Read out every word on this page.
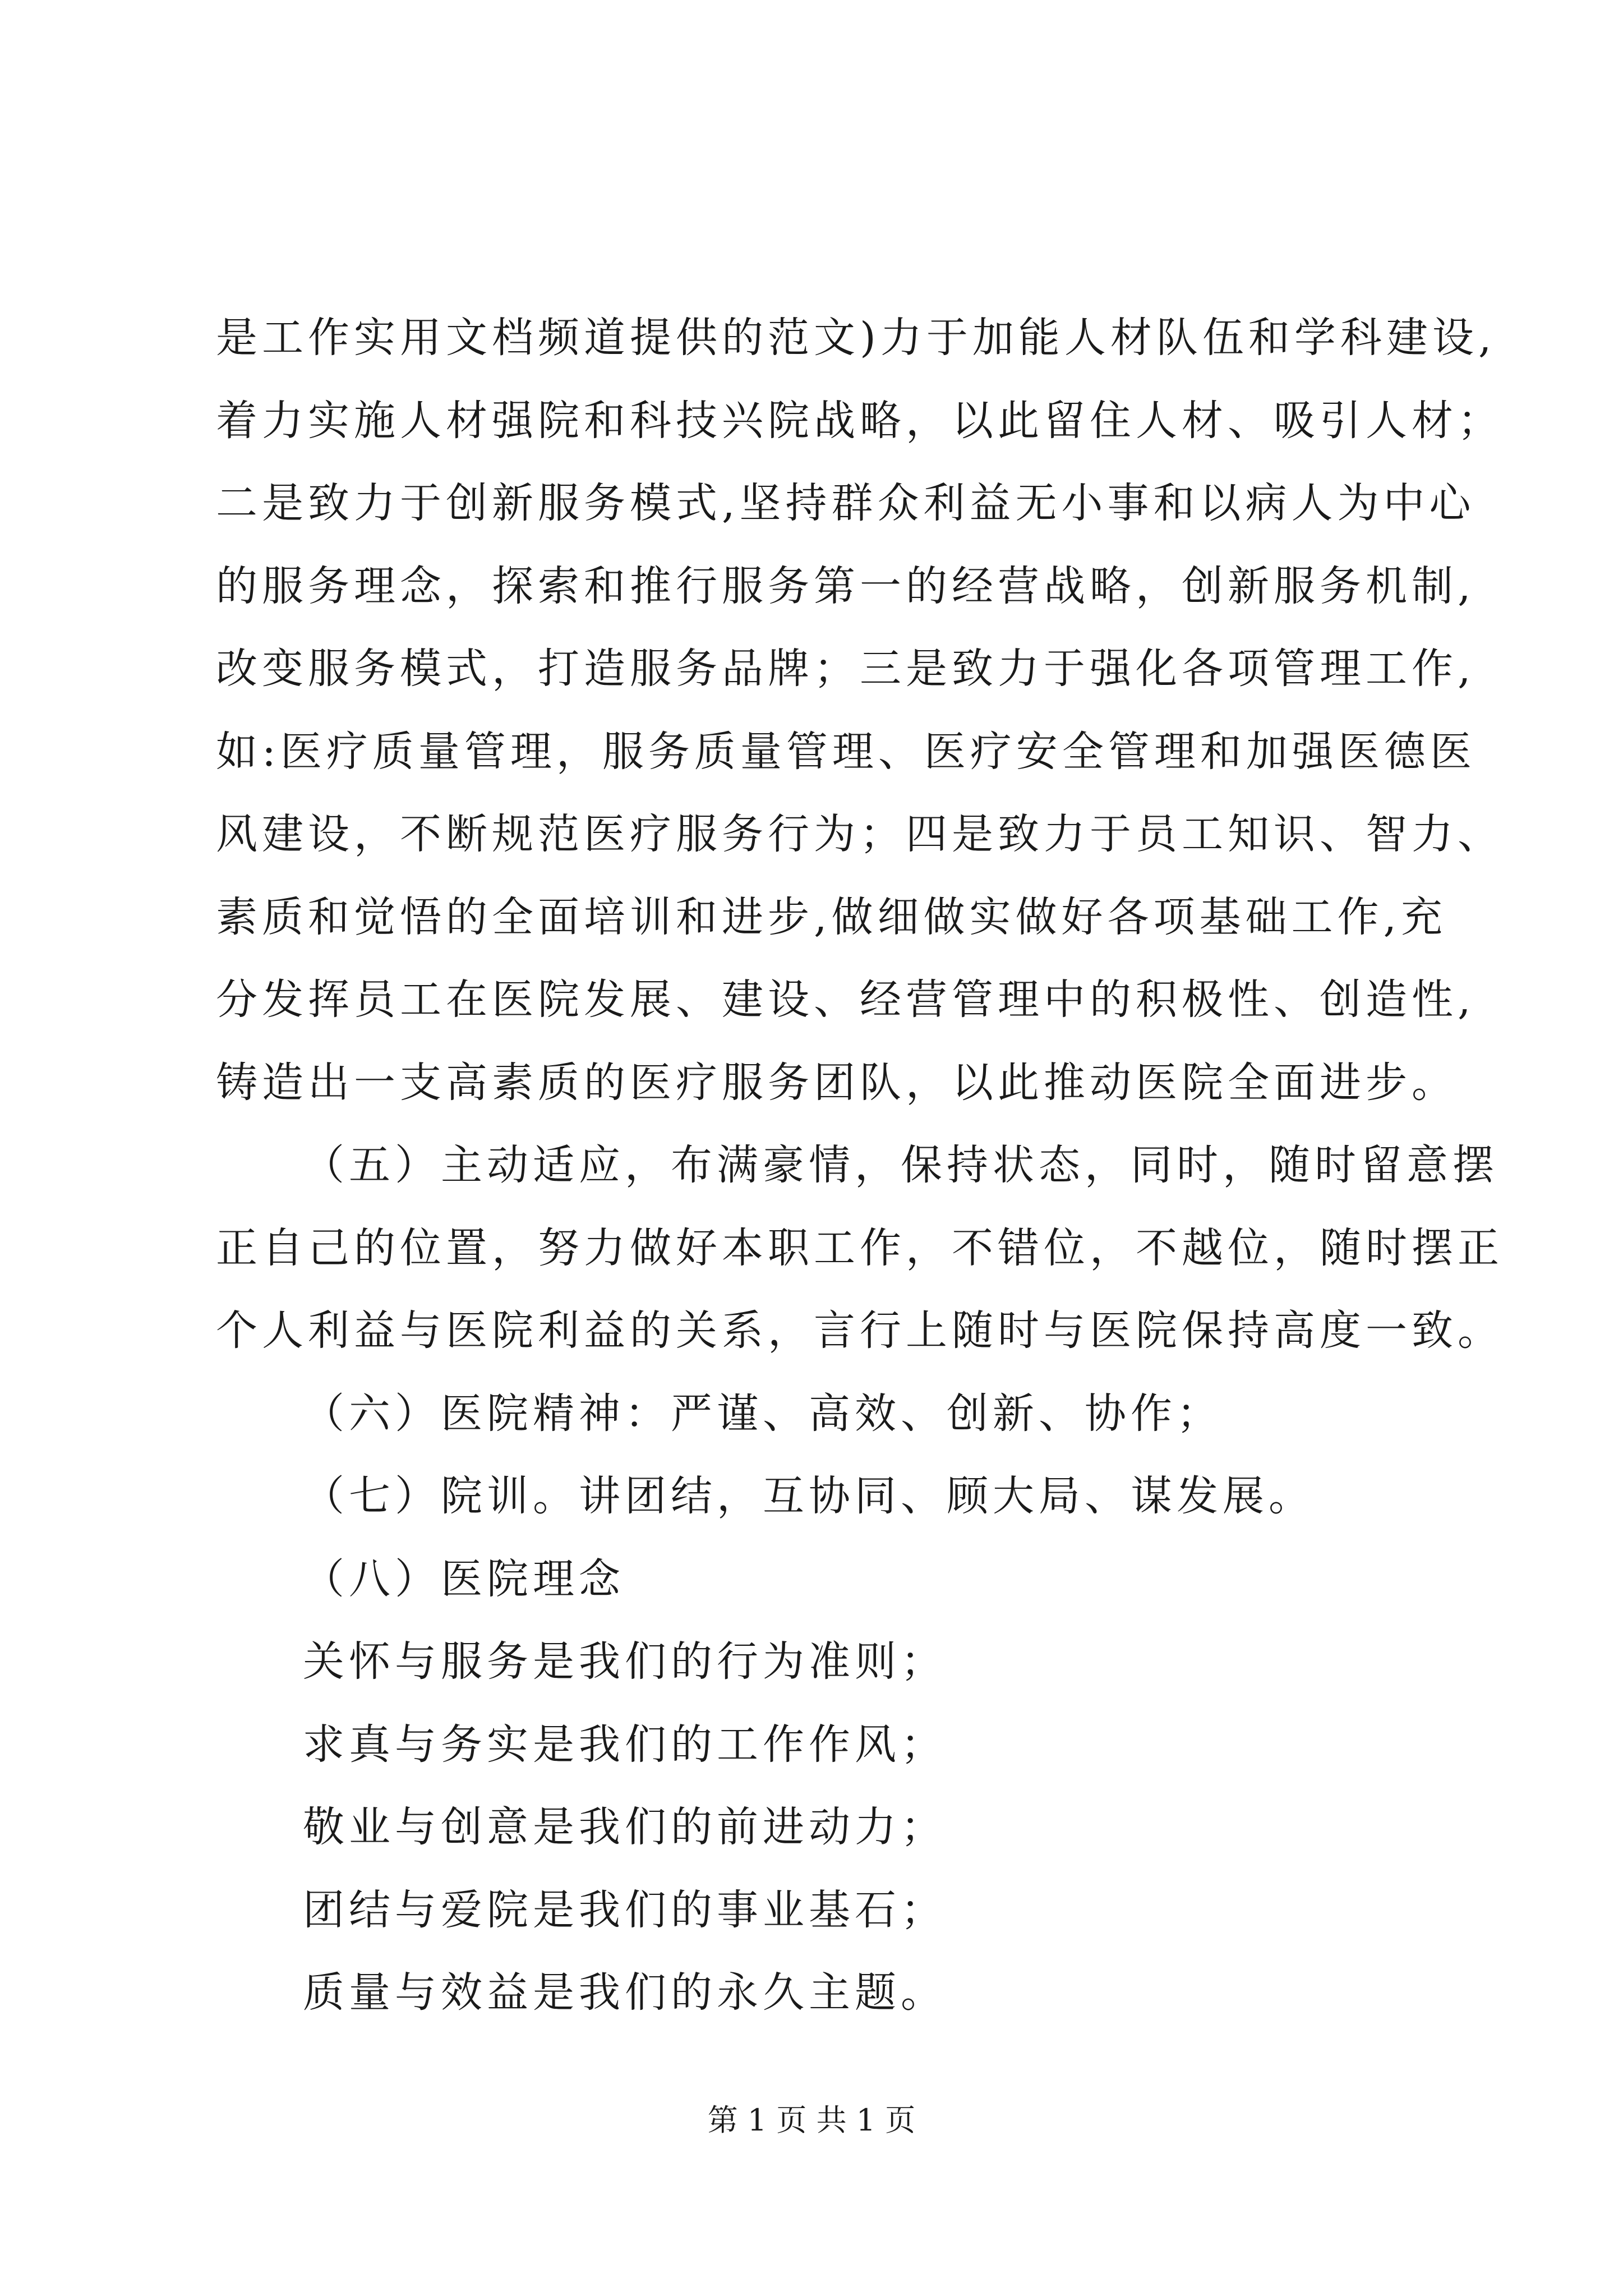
是工作实用文档频道提供的范文)力于加能人材队伍和学科建设,
着力实施人材强院和科技兴院战略，以此留住人材、吸引人材；
二是致力于创新服务模式,坚持群众利益无小事和以病人为中心
的服务理念，探索和推行服务第一的经营战略，创新服务机制,
改变服务模式，打造服务品牌；三是致力于强化各项管理工作,
如:医疗质量管理，服务质量管理、医疗安全管理和加强医德医
风建设，不断规范医疗服务行为；四是致力于员工知识、智力、
素质和觉悟的全面培训和进步,做细做实做好各项基础工作,充
分发挥员工在医院发展、建设、经营管理中的积极性、创造性,
铸造出一支高素质的医疗服务团队，以此推动医院全面进步。
（五）主动适应，布满豪情，保持状态，同时，随时留意摆
正自己的位置，努力做好本职工作，不错位，不越位，随时摆正
个人利益与医院利益的关系，言行上随时与医院保持高度一致。
（六）医院精神：严谨、高效、创新、协作；
（七）院训。讲团结，互协同、顾大局、谋发展。
（八）医院理念
关怀与服务是我们的行为准则；
求真与务实是我们的工作作风；
敬业与创意是我们的前进动力；
团结与爱院是我们的事业基石；
质量与效益是我们的永久主题。
第 1 页 共 1 页
